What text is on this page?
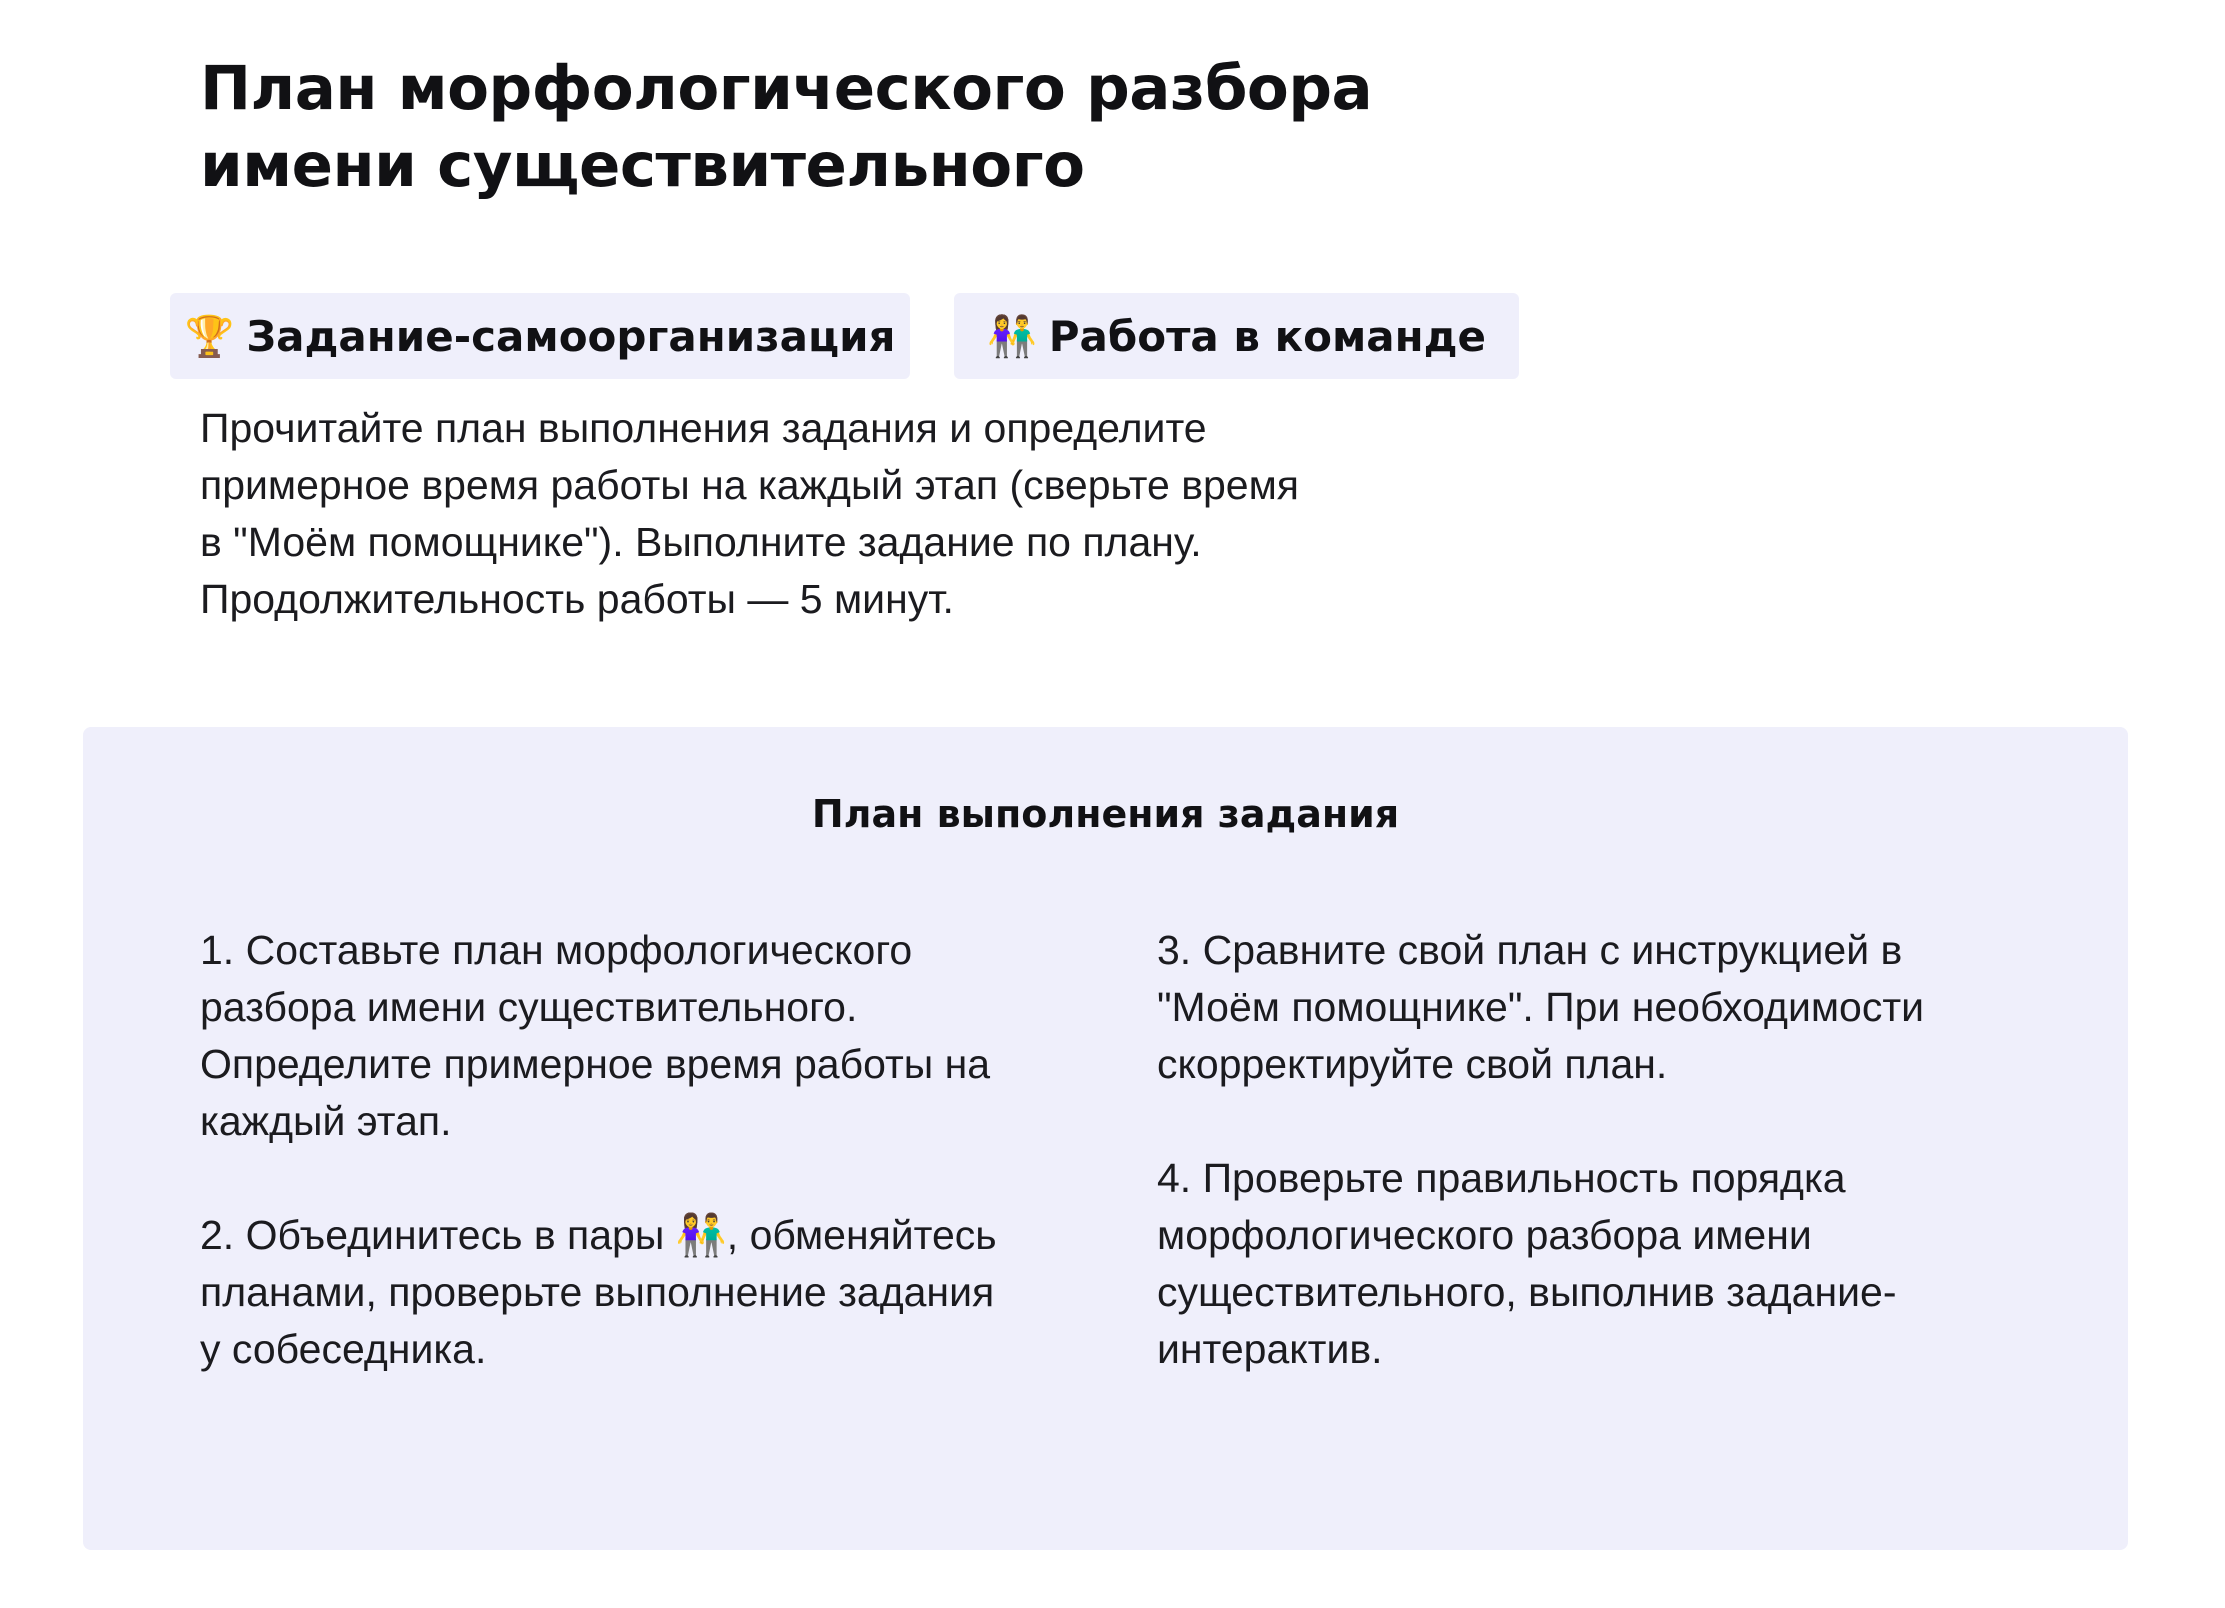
План морфологического разбора
имени существительного
🏆 Задание-самоорганизация 👫 Работа в команде

Прочитайте план выполнения задания и определите
примерное время работы на каждый этап (сверьте время
в "Моём помощнике"). Выполните задание по плану.
Продолжительность работы — 5 минут.

План выполнения задания

1. Составьте план морфологического
разбора имени существительного.
Определите примерное время работы на
каждый этап.

2. Объединитесь в пары 👫, обменяйтесь
планами, проверьте выполнение задания
у собеседника.

3. Сравните свой план с инструкцией в
"Моём помощнике". При необходимости
скорректируйте свой план.

4. Проверьте правильность порядка
морфологического разбора имени
существительного, выполнив задание-
интерактив.
